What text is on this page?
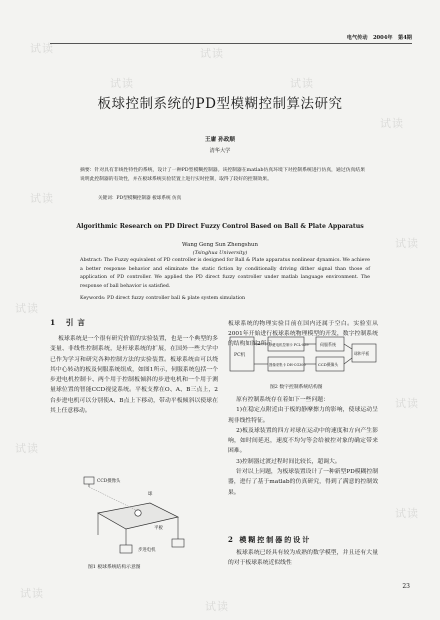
试读
试读
试读
试读
试读
试读
试读
试读
试读
试读
试读
试读
试读
电气传动 2004年 第4期
板球控制系统的PD型模糊控制算法研究
王庸 孙政顺
清华大学
摘要：针对具有非线性特性的系统，设计了一种PD型模糊控制器。该控制器在matlab仿真环境下对控制系统进行仿真，通过仿真结果说明此控制器的有效性，并在板球系统实验装置上进行实时控制，取得了较好的控制效果。
关键词：PD型模糊控制器 板球系统 仿真
Algorithmic Research on PD Direct Fuzzy Control Based on Ball & Plate Apparatus
Wang Geng Sun Zhengshun
(Tsinghua University)
Abstract: The Fuzzy equivalent of PD controller is designed for Ball & Plate apparatus nonlinear dynamics. We achieve a better response behavior and eliminate the static fiction by conditionally driving dither signal than those of application of PD controller. We applied the PD direct fuzzy controller under matlab language environment. The response of ball behavior is satisfied.
Keywords: PD direct fuzzy controller ball & plate system simulation
1 引言

板球系统是一个很有研究价值的实验装置，也是一个典型的多变量、非线性控制系统，是杆球系统的扩展，在国外一些大学中已作为学习和研究各种控制方法的实验装置。板球系统由可以绕其中心转动的板及伺服系统组成，如图1所示，伺服系统包括一个步进电机控制卡、两个用于控制板倾斜的步进电机和一个用于测量球位置的智能CCD视觉系统。平板支撑在O、A、B三点上，2台步进电机可以分别使A、B点上下移动，带动平板倾斜以使球在其上任意移动。

CCD摄像头
球
平板
步进电机
图1 板球系统结构示意图

板球系统的物理实验目前在国内还属于空白。实验室从2001年开始进行板球系统物理模型的开发，数字控制系统的结构如图2所示。

PC机
步进电机控制卡 PCL-839	伺服系统
图像采集卡 DH-CG300	CCD摄像头
球和平板
图2 数字控制系统结构图

原有控制系统存在着如下一些问题：

1)在稳定点附近由于板的静摩擦力的影响，使球运动呈现非线性特征。

2)板及球装置的四方对球在运动中的速度和方向产生影响，如时间延迟，速度不均匀等会给被控对象的确定带来困难。

3)控制器过渡过程时间比较长，超调大。

针对以上问题，为板球装置设计了一种新型PD模糊控制器，进行了基于matlab的仿真研究，得到了满意的控制效果。

2 模糊控制器的设计

板球系统已经具有较为成熟的数学模型，并且还有大量的对于板球系统近似线性

23
